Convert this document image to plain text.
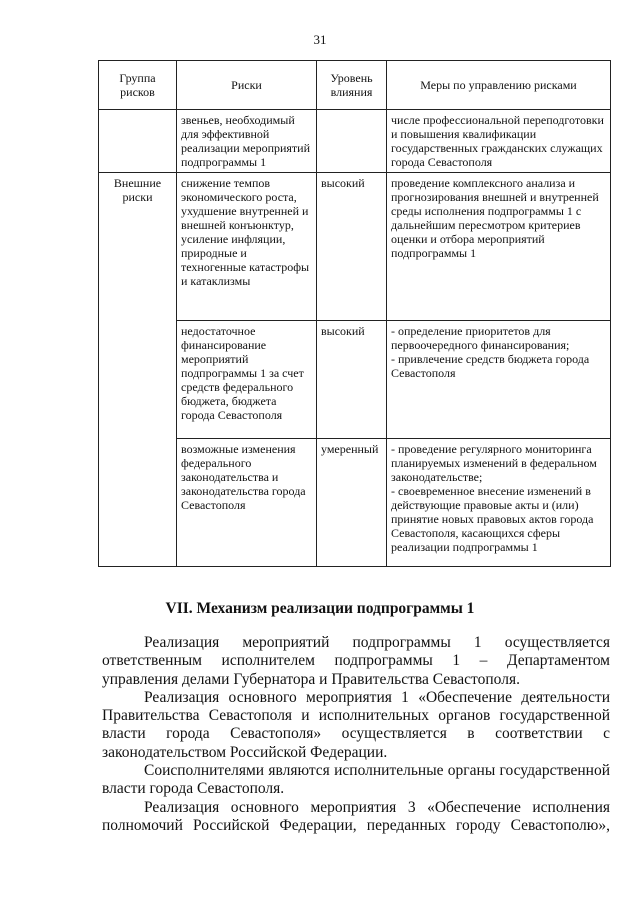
31
Группа рисков	Риски	Уровень влияния	Меры по управлению рисками
	звеньев, необходимый для эффективной реализации мероприятий подпрограммы 1		числе профессиональной переподготовки и повышения квалификации государственных гражданских служащих города Севастополя
Внешние риски	снижение темпов экономического роста, ухудшение внутренней и внешней конъюнктур, усиление инфляции, природные и техногенные катастрофы и катаклизмы	высокий	проведение комплексного анализа и прогнозирования внешней и внутренней среды исполнения подпрограммы 1 с дальнейшим пересмотром критериев оценки и отбора мероприятий подпрограммы 1
	недостаточное финансирование мероприятий подпрограммы 1 за счет средств федерального бюджета, бюджета города Севастополя	высокий	- определение приоритетов для первоочередного финансирования;
- привлечение средств бюджета города Севастополя
	возможные изменения федерального законодательства и законодательства города Севастополя	умеренный	- проведение регулярного мониторинга планируемых изменений в федеральном законодательстве;
- своевременное внесение изменений в действующие правовые акты и (или) принятие новых правовых актов города Севастополя, касающихся сферы реализации подпрограммы 1
VII. Механизм реализации подпрограммы 1

Реализация мероприятий подпрограммы 1 осуществляется ответственным исполнителем подпрограммы 1 – Департаментом управления делами Губернатора и Правительства Севастополя.

Реализация основного мероприятия 1 «Обеспечение деятельности Правительства Севастополя и исполнительных органов государственной власти города Севастополя» осуществляется в соответствии с законодательством Российской Федерации.

Соисполнителями являются исполнительные органы государственной власти города Севастополя.

Реализация основного мероприятия 3 «Обеспечение исполнения полномочий Российской Федерации, переданных городу Севастополю»,
